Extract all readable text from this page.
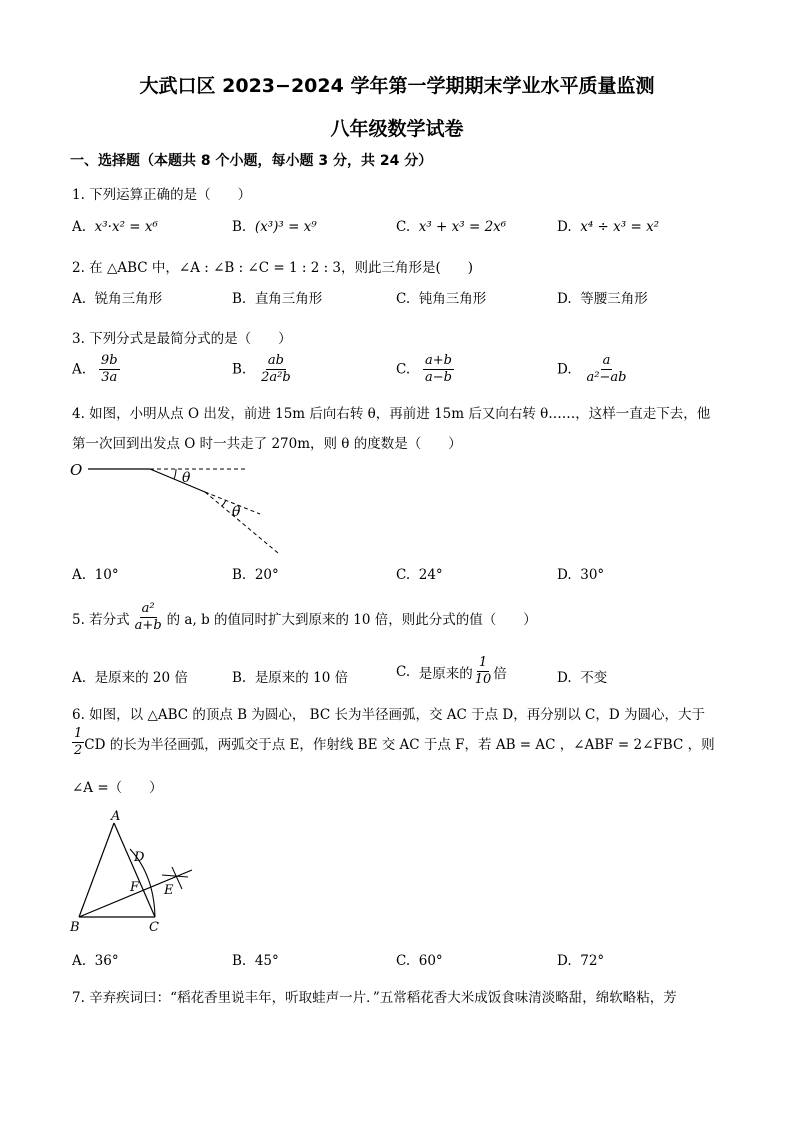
大武口区 2023−2024 学年第一学期期末学业水平质量监测
八年级数学试卷
一、选择题（本题共 8 个小题，每小题 3 分，共 24 分）
1. 下列运算正确的是（　　）
A. x³·x² = x⁶	B. (x³)³ = x⁹	C. x³ + x³ = 2x⁶	D. x⁴ ÷ x³ = x²
2. 在 △ABC 中，∠A : ∠B : ∠C = 1 : 2 : 3，则此三角形是(　　)
A. 锐角三角形	B. 直角三角形	C. 钝角三角形	D. 等腰三角形
3. 下列分式是最简分式的是（　　）
A. $\frac{9b}{3a}$	B. $\frac{ab}{\text{2a²b}}$	C. $\frac{a+b}{a-b}$	D. $\frac{a}{\text{a²−ab}}$
4. 如图，小明从点 O 出发，前进 15m 后向右转 θ，再前进 15m 后又向右转 θ……，这样一直走下去，他
第一次回到出发点 O 时一共走了 270m，则 θ 的度数是（　　）
O	θ
θ
A. 10°	B. 20°	C. 24°	D. 30°
5. 若分式 $\frac{\text{a²}}{a+b}$ 的 a, b 的值同时扩大到原来的 10 倍，则此分式的值（　　）
A. 是原来的 20 倍	B. 是原来的 10 倍	C.
是原来的 $\frac{1}{10}$ 倍	D. 不变
6. 如图，以 △ABC 的顶点 B 为圆心， BC 长为半径画弧，交 AC 于点 D，再分别以 C，D 为圆心，大于
$\frac{1}{2}$ CD 的长为半径画弧，两弧交于点 E，作射线 BE 交 AC 于点 F，若 AB = AC ，∠ABF = 2∠FBC ，则
∠A =（　　）
A
B	C
D
E
F
A. 36°	B. 45°	C. 60°	D. 72°
7. 辛弃疾词曰：“稻花香里说丰年，听取蛙声一片．”五常稻花香大米成饭食味清淡略甜，绵软略粘，芳
